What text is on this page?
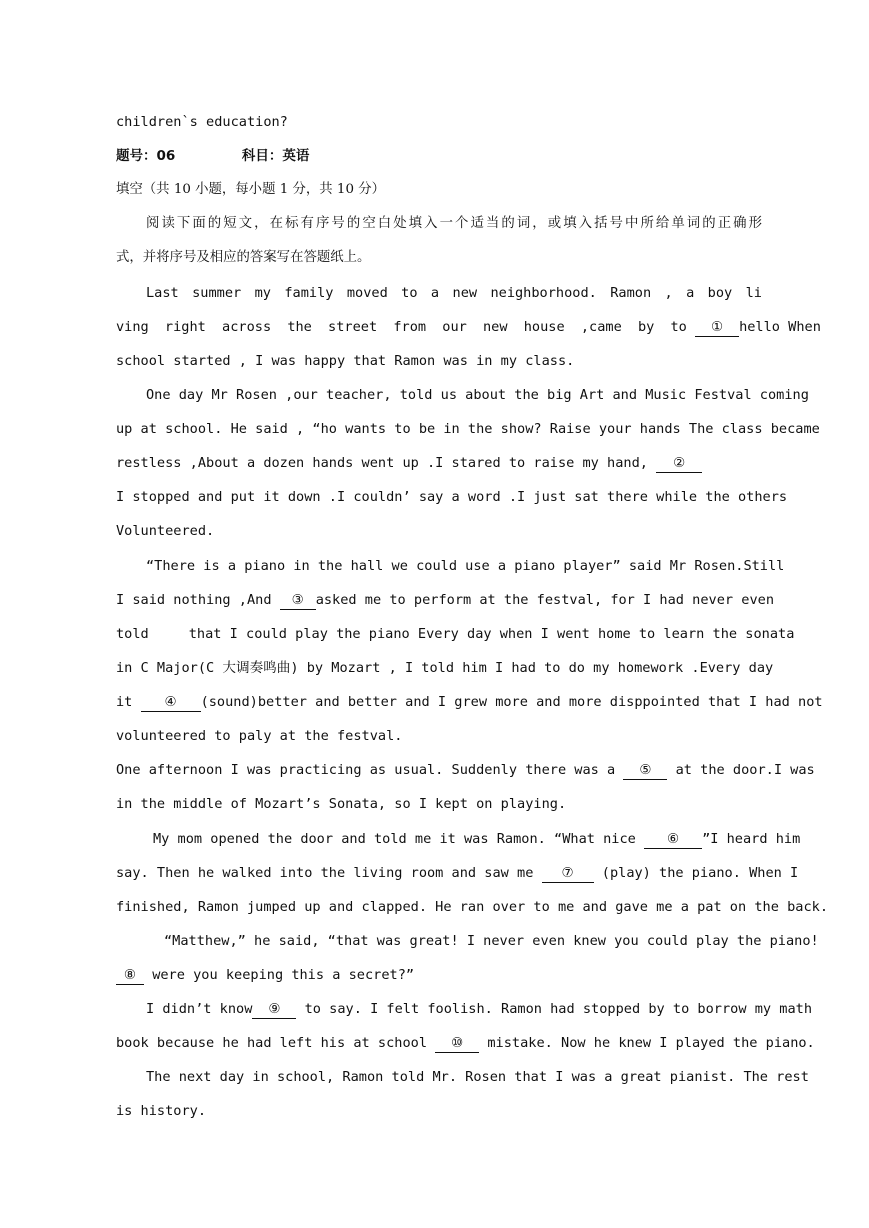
children`s education?
题号：06	科目：英语
填空（共 10 小题，每小题 1 分，共 10 分）
阅读下面的短文，在标有序号的空白处填入一个适当的词，或填入括号中所给单词的正确形
式，并将序号及相应的答案写在答题纸上。
Last summer my family moved to a new neighborhood. Ramon , a boy li
ving right across the street from our new house ,came by to ① hello When
school started , I was happy that Ramon was in my class.
One day Mr Rosen ,our teacher, told us about the big Art and Music Festval coming
up at school. He said , “ho wants to be in the show? Raise your hands The class became
restless ,About a dozen hands went up .I stared to raise my hand, ②
I stopped and put it down .I couldn’ say a word .I just sat there while the others
Volunteered.
“There is a piano in the hall we could use a piano player” said Mr Rosen.Still
I said nothing ,And ③ asked me to perform at the festval, for I had never even
told	that I could play the piano Every day when I went home to learn the sonata
in C Major(C 大调奏鸣曲) by Mozart , I told him I had to do my homework .Every day
it ④ (sound)better and better and I grew more and more disppointed that I had not
volunteered to paly at the festval.
One afternoon I was practicing as usual. Suddenly there was a ⑤ at the door.I was
in the middle of Mozart’s Sonata, so I kept on playing.
My mom opened the door and told me it was Ramon. “What nice ⑥ ”I heard him
say. Then he walked into the living room and saw me ⑦ (play) the piano. When I
finished, Ramon jumped up and clapped. He ran over to me and gave me a pat on the back.
“Matthew,” he said, “that was great! I never even knew you could play the piano!
⑧ were you keeping this a secret?”
I didn’t know ⑨ to say. I felt foolish. Ramon had stopped by to borrow my math
book because he had left his at school ⑩ mistake. Now he knew I played the piano.
The next day in school, Ramon told Mr. Rosen that I was a great pianist. The rest
is history.
